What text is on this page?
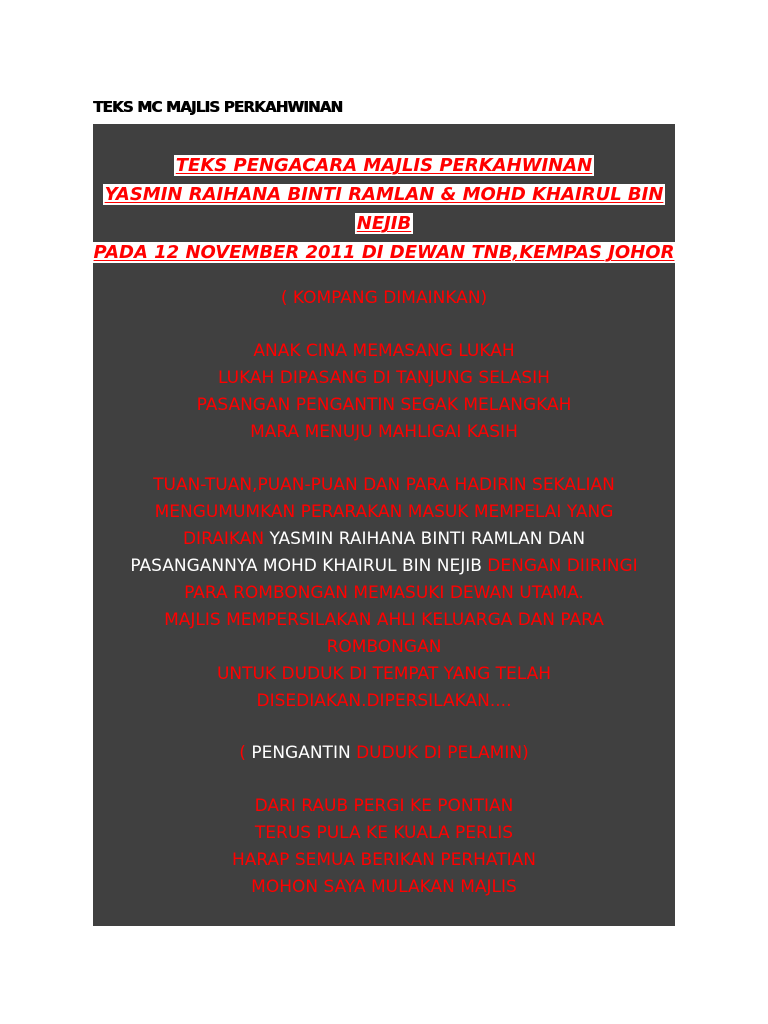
TEKS MC MAJLIS PERKAHWINAN
TEKS PENGACARA MAJLIS PERKAHWINAN
YASMIN RAIHANA BINTI RAMLAN & MOHD KHAIRUL BIN
NEJIB
PADA 12 NOVEMBER 2011 DI DEWAN TNB,KEMPAS JOHOR

( KOMPANG DIMAINKAN)

ANAK CINA MEMASANG LUKAH
LUKAH DIPASANG DI TANJUNG SELASIH
PASANGAN PENGANTIN SEGAK MELANGKAH
MARA MENUJU MAHLIGAI KASIH
TUAN-TUAN,PUAN-PUAN DAN PARA HADIRIN SEKALIAN
MENGUMUMKAN PERARAKAN MASUK MEMPELAI YANG
DIRAIKAN YASMIN RAIHANA BINTI RAMLAN DAN
PASANGANNYA MOHD KHAIRUL BIN NEJIB DENGAN DIIRINGI
PARA ROMBONGAN MEMASUKI DEWAN UTAMA.
MAJLIS MEMPERSILAKAN AHLI KELUARGA DAN PARA
ROMBONGAN
UNTUK DUDUK DI TEMPAT YANG TELAH
DISEDIAKAN.DIPERSILAKAN....

( PENGANTIN DUDUK DI PELAMIN)

DARI RAUB PERGI KE PONTIAN
TERUS PULA KE KUALA PERLIS
HARAP SEMUA BERIKAN PERHATIAN
MOHON SAYA MULAKAN MAJLIS
